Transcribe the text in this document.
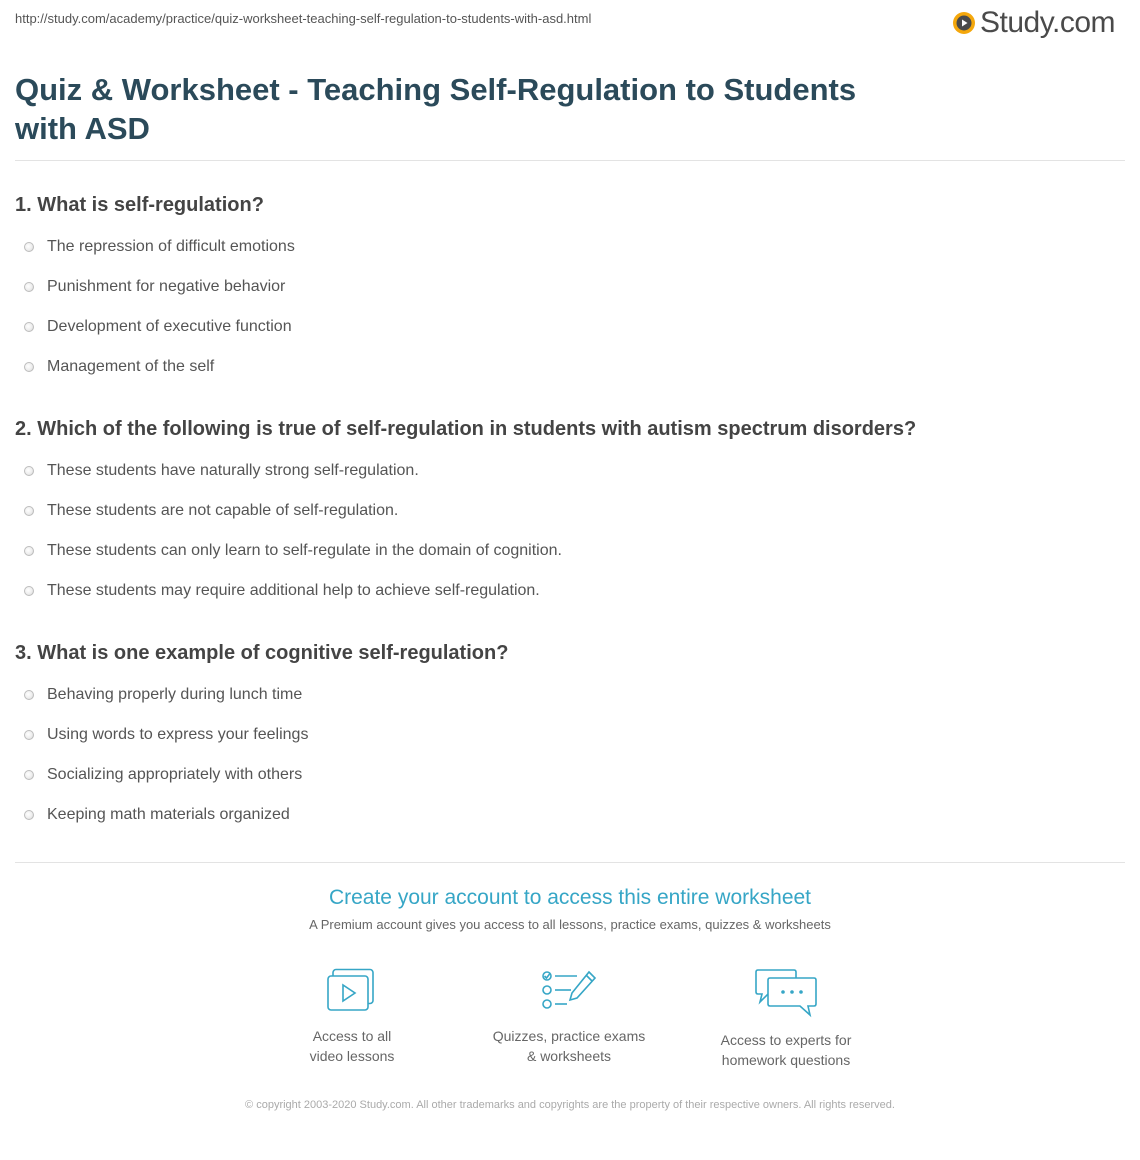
http://study.com/academy/practice/quiz-worksheet-teaching-self-regulation-to-students-with-asd.html	Study.com
Quiz & Worksheet - Teaching Self-Regulation to Students with ASD
1. What is self-regulation?
The repression of difficult emotions
Punishment for negative behavior
Development of executive function
Management of the self
2. Which of the following is true of self-regulation in students with autism spectrum disorders?
These students have naturally strong self-regulation.
These students are not capable of self-regulation.
These students can only learn to self-regulate in the domain of cognition.
These students may require additional help to achieve self-regulation.
3. What is one example of cognitive self-regulation?
Behaving properly during lunch time
Using words to express your feelings
Socializing appropriately with others
Keeping math materials organized
Create your account to access this entire worksheet
A Premium account gives you access to all lessons, practice exams, quizzes & worksheets
Access to all
video lessons
Quizzes, practice exams
& worksheets
Access to experts for
homework questions
© copyright 2003-2020 Study.com. All other trademarks and copyrights are the property of their respective owners. All rights reserved.
